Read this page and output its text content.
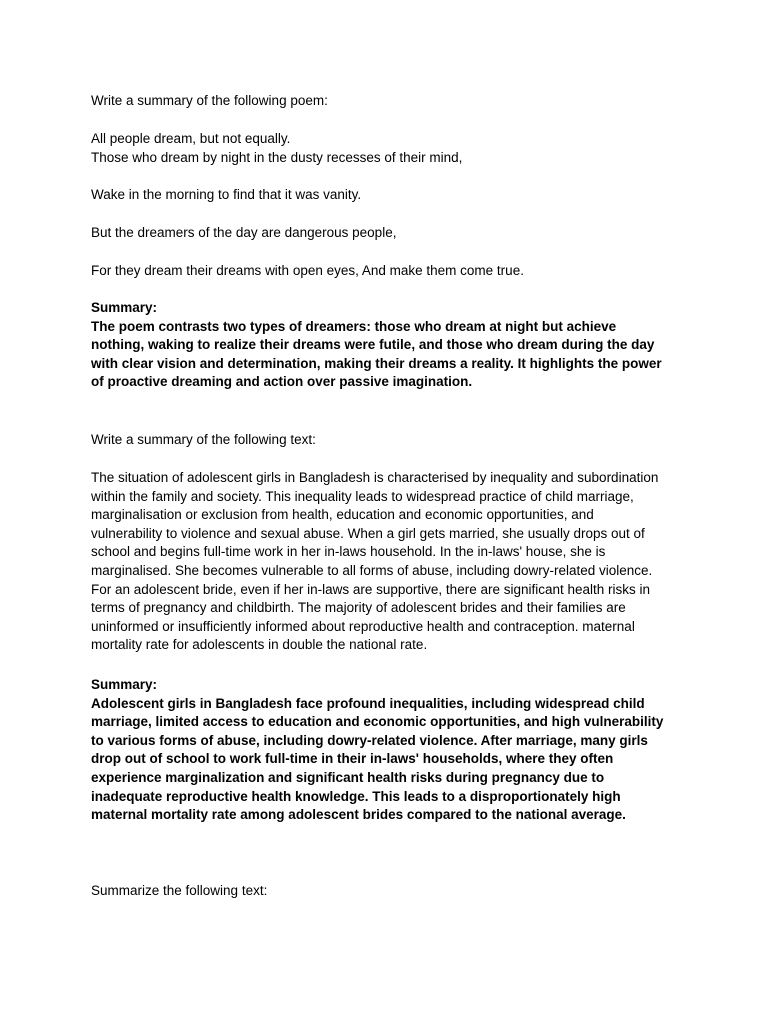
Write a summary of the following poem:
All people dream, but not equally.
Those who dream by night in the dusty recesses of their mind,
Wake in the morning to find that it was vanity.
But the dreamers of the day are dangerous people,
For they dream their dreams with open eyes, And make them come true.
Summary:
The poem contrasts two types of dreamers: those who dream at night but achieve
nothing, waking to realize their dreams were futile, and those who dream during the day
with clear vision and determination, making their dreams a reality. It highlights the power
of proactive dreaming and action over passive imagination.
Write a summary of the following text:
The situation of adolescent girls in Bangladesh is characterised by inequality and subordination
within the family and society. This inequality leads to widespread practice of child marriage,
marginalisation or exclusion from health, education and economic opportunities, and
vulnerability to violence and sexual abuse. When a girl gets married, she usually drops out of
school and begins full-time work in her in-laws household. In the in-laws' house, she is
marginalised. She becomes vulnerable to all forms of abuse, including dowry-related violence.
For an adolescent bride, even if her in-laws are supportive, there are significant health risks in
terms of pregnancy and childbirth. The majority of adolescent brides and their families are
uninformed or insufficiently informed about reproductive health and contraception. maternal
mortality rate for adolescents in double the national rate.
Summary:
Adolescent girls in Bangladesh face profound inequalities, including widespread child
marriage, limited access to education and economic opportunities, and high vulnerability
to various forms of abuse, including dowry-related violence. After marriage, many girls
drop out of school to work full-time in their in-laws' households, where they often
experience marginalization and significant health risks during pregnancy due to
inadequate reproductive health knowledge. This leads to a disproportionately high
maternal mortality rate among adolescent brides compared to the national average.
Summarize the following text:
